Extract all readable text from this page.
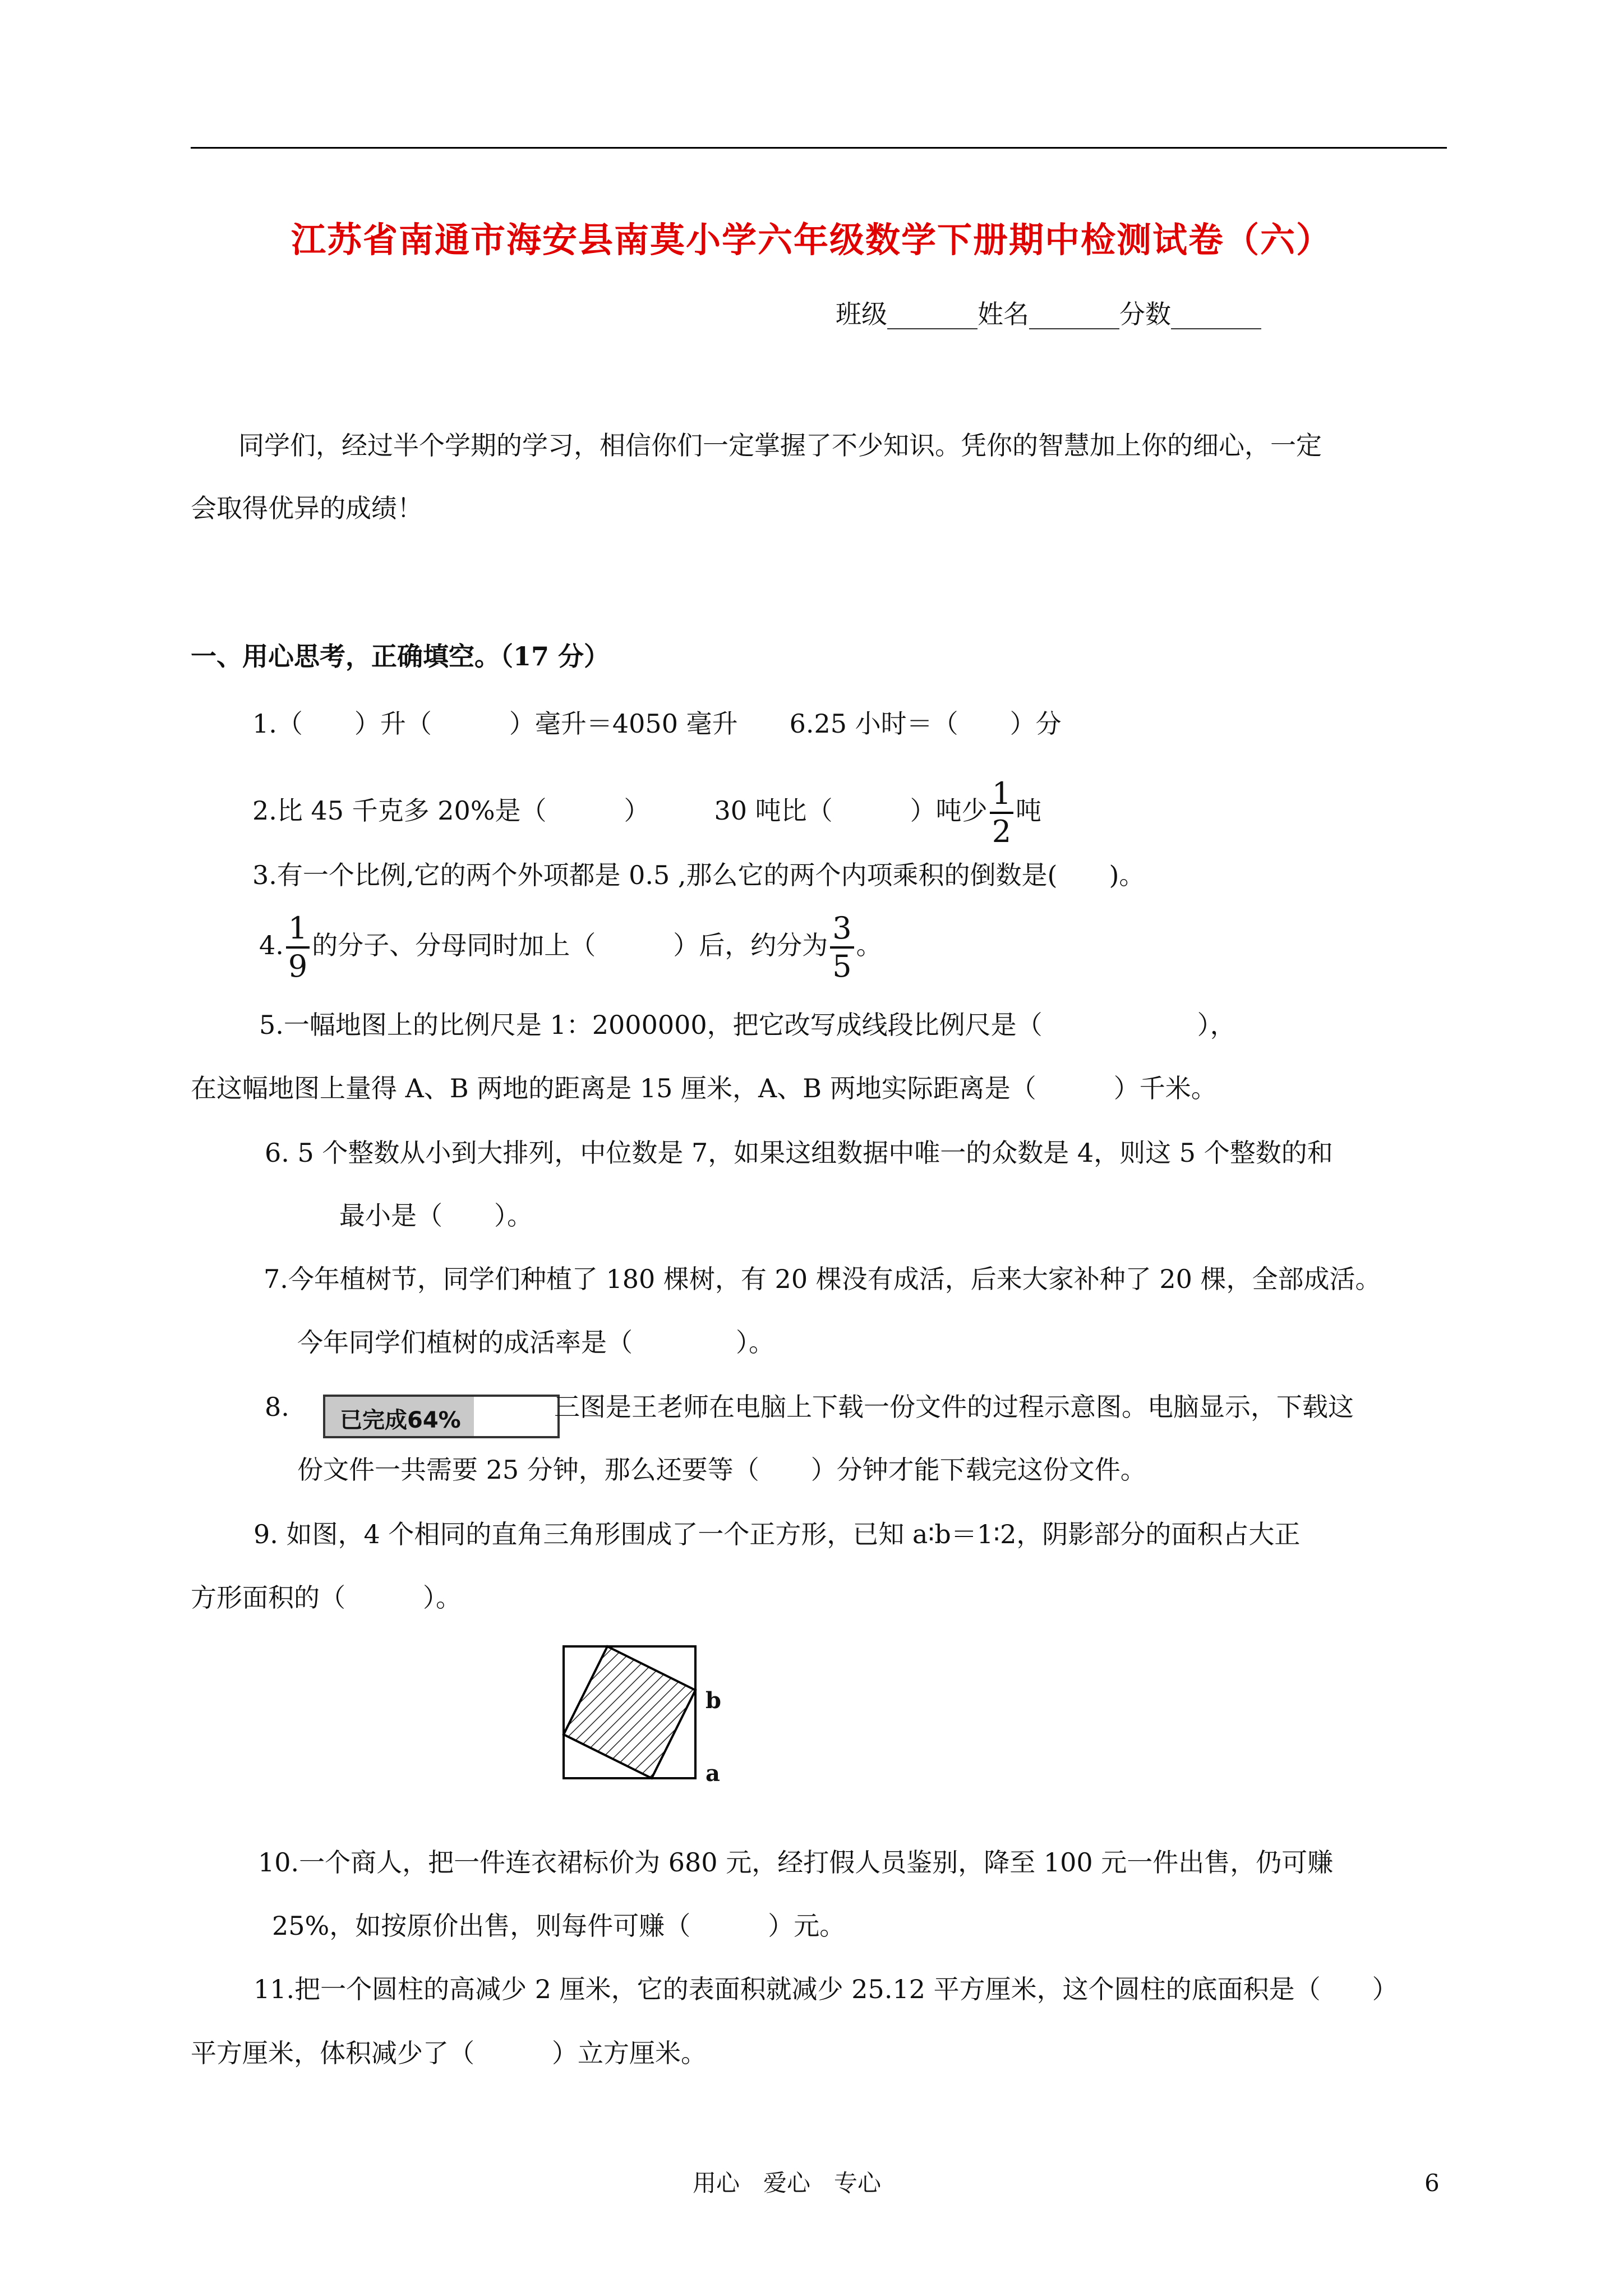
江苏省南通市海安县南莫小学六年级数学下册期中检测试卷（六）
班级_______姓名_______分数_______
同学们，经过半个学期的学习，相信你们一定掌握了不少知识。凭你的智慧加上你的细心，一定
会取得优异的成绩！
一、用心思考，正确填空。（17 分）
1.（　　）升（　　　）毫升＝4050 毫升　　6.25 小时＝（　　）分
2.比 45 千克多 20%是（　　　）　　　30 吨比（　　　）吨少 $\frac{1}{2}$ 吨
3.有一个比例,它的两个外项都是 0.5 ,那么它的两个内项乘积的倒数是(　　)。
4. $\frac{1}{9}$ 的分子、分母同时加上（　　　）后，约分为 $\frac{3}{5}$ 。
5.一幅地图上的比例尺是 1：2000000，把它改写成线段比例尺是（　　　　　　），
在这幅地图上量得 A、B 两地的距离是 15 厘米，A、B 两地实际距离是（　　　）千米。
6. 5 个整数从小到大排列，中位数是 7，如果这组数据中唯一的众数是 4，则这 5 个整数的和
最小是（　　）。
7.今年植树节，同学们种植了 180 棵树，有 20 棵没有成活，后来大家补种了 20 棵，全部成活。
今年同学们植树的成活率是（　　　　）。
8. 已完成64%	三图是王老师在电脑上下载一份文件的过程示意图。电脑显示，下载这
份文件一共需要 25 分钟，那么还要等（　　）分钟才能下载完这份文件。
9. 如图，4 个相同的直角三角形围成了一个正方形，已知 a∶b＝1∶2，阴影部分的面积占大正
方形面积的（　　　）。
b
a
10.一个商人，把一件连衣裙标价为 680 元，经打假人员鉴别，降至 100 元一件出售，仍可赚
25%，如按原价出售，则每件可赚（　　　）元。
11.把一个圆柱的高减少 2 厘米，它的表面积就减少 25.12 平方厘米，这个圆柱的底面积是（　　）
平方厘米，体积减少了（　　　）立方厘米。
用心　爱心　专心	6
